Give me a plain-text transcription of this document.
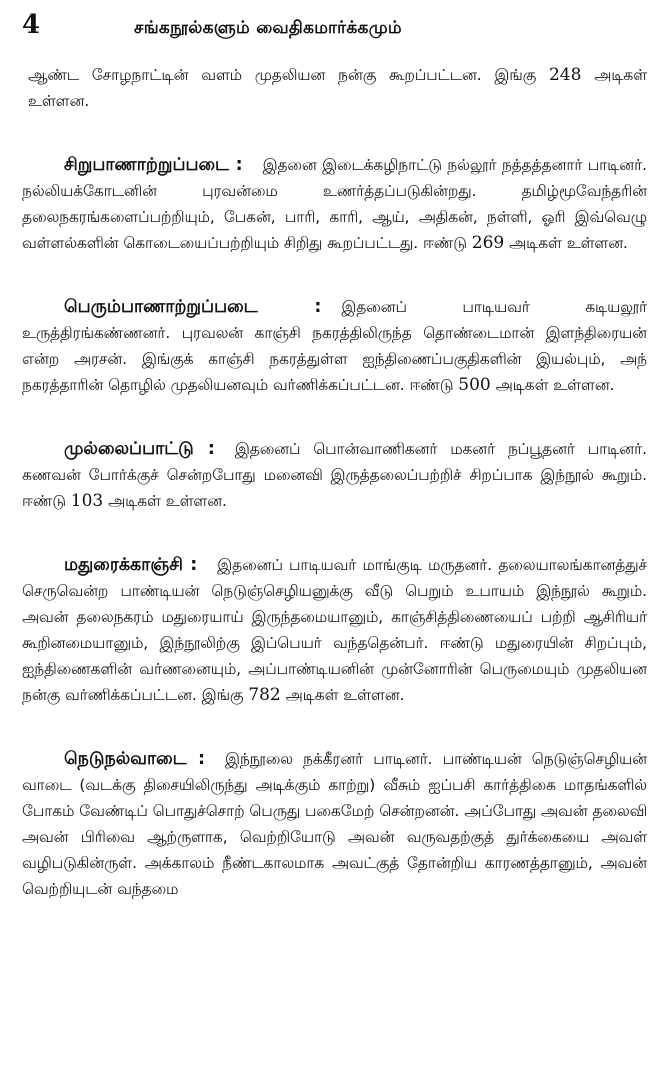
4	சங்கநூல்களும் வைதிகமார்க்கமும்

ஆண்ட சோழநாட்டின் வளம் முதலியன நன்கு கூறப்பட்டன. இங்கு 248 அடிகள் உள்ளன.

சிறுபாணாற்றுப்படை : இதனை இடைக்கழிநாட்டு நல்லூர் நத்தத்தனார் பாடினர். நல்லியக்கோடனின் புரவன்மை உணர்த்தப்படுகின்றது. தமிழ்மூவேந்தரின் தலைநகரங்களைப்பற்றியும், பேகன், பாரி, காரி, ஆய், அதிகன், நள்ளி, ஓரி இவ்வெழு வள்ளல்களின் கொடையைப்பற்றியும் சிறிது கூறப்பட்டது. ஈண்டு 269 அடிகள் உள்ளன.

பெரும்பாணாற்றுப்படை : இதனைப் பாடியவர் கடியலூர் உருத்திரங்கண்ணனர். புரவலன் காஞ்சி நகரத்திலிருந்த தொண்டைமான் இளந்திரையன் என்ற அரசன். இங்குக் காஞ்சி நகரத்துள்ள ஐந்திணைப்பகுதிகளின் இயல்பும், அந் நகரத்தாரின் தொழில் முதலியனவும் வர்ணிக்கப்பட்டன. ஈண்டு 500 அடிகள் உள்ளன.

முல்லைப்பாட்டு : இதனைப் பொன்வாணிகனர் மகனர் நப்பூதனர் பாடினர். கணவன் போர்க்குச் சென்றபோது மனைவி இருத்தலைப்பற்றிச் சிறப்பாக இந்நூல் கூறும். ஈண்டு 103 அடிகள் உள்ளன.

மதுரைக்காஞ்சி : இதனைப் பாடியவர் மாங்குடி மருதனர். தலையாலங்கானத்துச் செருவென்ற பாண்டியன் நெடுஞ்செழியனுக்கு வீடு பெறும் உபாயம் இந்நூல் கூறும். அவன் தலைநகரம் மதுரையாய் இருந்தமையானும், காஞ்சித்திணையைப் பற்றி ஆசிரியர் கூறினமையானும், இந்நூலிற்கு இப்பெயர் வந்ததென்பர். ஈண்டு மதுரையின் சிறப்பும், ஐந்திணைகளின் வர்ணனையும், அப்பாண்டியனின் முன்னோரின் பெருமையும் முதலியன நன்கு வர்ணிக்கப்பட்டன. இங்கு 782 அடிகள் உள்ளன.

நெடுநல்வாடை : இந்நூலை நக்கீரனர் பாடினர். பாண்டியன் நெடுஞ்செழியன் வாடை (வடக்கு திசையிலிருந்து அடிக்கும் காற்று) வீசும் ஐப்பசி கார்த்திகை மாதங்களில் போகம் வேண்டிப் பொதுச்சொற் பெருது பகைமேற் சென்றனன். அப்போது அவன் தலைவி அவன் பிரிவை ஆற்ருளாக, வெற்றியோடு அவன் வருவதற்குத் துர்க்கையை அவள் வழிபடுகின்ருள். அக்காலம் நீண்டகாலமாக அவட்குத் தோன்றிய காரணத்தானும், அவன் வெற்றியுடன் வந்தமை
